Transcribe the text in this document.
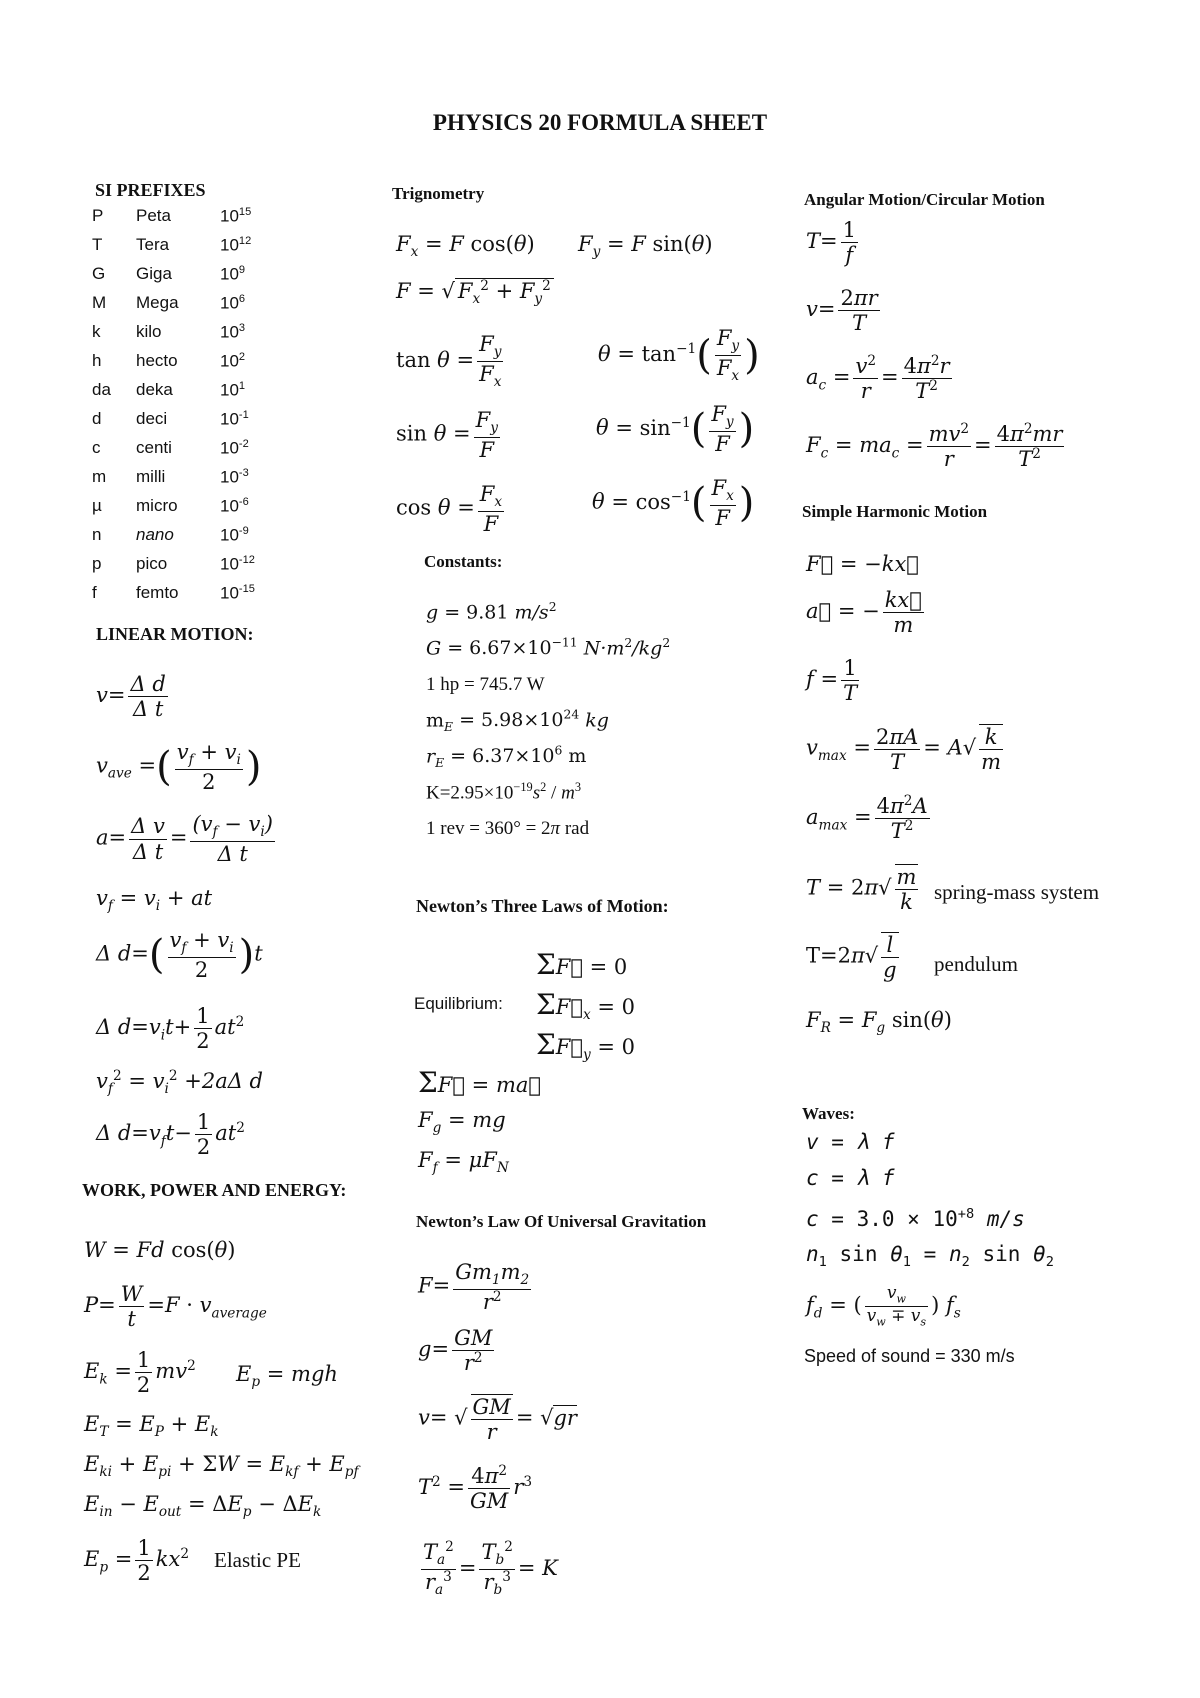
PHYSICS 20 FORMULA SHEET
SI PREFIXES
P Peta	$10^{15}$
T Tera	$10^{12}$
G Giga	$10^9$
M Mega $10^6$
k kilo	$10^3$
h hecto $10^2$
da deka	$10^1$
d deci	$10^{-1}$
c centi	$10^{-2}$
m milli	$10^{-3}$
µ micro $10^{-6}$
n nano	$10^{-9}$
p pico	$10^{-12}$
f femto $10^{-15}$
LINEAR MOTION:
$v= \frac{\text{Δ d}}{\text{Δ t}}$
$v_{ave}$ =( $\frac{v_f + v_i}{2}$ )
$a= \frac{\text{Δ v}}{\text{Δ t}} = \frac{(v_f - v_i)}{\text{Δ t}}$
$v_f = v_i$ + at
Δ $d=( \frac{v_f + v_i}{2} )t$
Δ $d=v_it+ \frac{1}{2} at^2$
$v_f^2 = v_i^2 +2a\Delta$ d
Δ $d=v_ft- \frac{1}{2} at^2$
WORK, POWER AND ENERGY:
W = Fd cos(θ)
$P= \frac{W}{t} =F \cdot v_{average}$
$E_k = \frac{1}{2} mv^2$ $E_p$ = mgh
$E_T = E_P + E_k$
$E_{ki} + E_{pi} + \Sigma W = E_{kf} + E_{pf}$
$E_{in} - E_{out} = \Delta E_p - \Delta E_k$
$E_p = \frac{1}{2} kx^2$ Elastic PE
Trignometry
$F_x = F$ cos(θ) $F_y = F$ sin(θ)
F = √ $F_x^2 + F_y^2$
$\tan \theta = \frac{F_y}{F_x}$	$\theta = \tan^{-1}( \frac{F_y}{F_x}$ )
$\sin \theta = \frac{F_y}{F}$	$\theta = \sin^{-1}( \frac{F_y}{F}$ )
$\cos \theta = \frac{F_x}{F}$	$\theta = \cos^{-1}( \frac{F_x}{F}$ )
Constants:
g = 9.81 $m/s^2$
$G = 6.67\times 10^{-11}$ $N\cdot m^2/kg^2$
1 hp = 745.7 W
$m_E = 5.98\times 10^{24}$ kg
$r_E = 6.37\times 10^6$ m
$K=2.95\times 10^{-19}s^2 / m^3$
1 rev = 360° = 2π rad
Newton’s Three Laws of Motion:
ΣF⃗ = 0
Equilibrium: $\Sigma F⃗_x = 0$
$\Sigma F⃗_y = 0$
ΣF⃗ = ma⃗
$F_g$ = mg
$F_f = \mu F_N$
Newton’s Law Of Universal Gravitation
$F= \frac{Gm_1m_2}{r^2}$
$g= \frac{GM}{r^2}$
v= √ $\frac{GM}{r} = √gr$
$T^2 = \frac{4\pi^2}{GM} r^3$
$\frac{T_a^2}{r_a^3} = \frac{T_b^2}{r_b^3} = K$
Angular Motion/Circular Motion
$T= \frac{1}{f}$
$v= \frac{2\pi r}{T}$
$a_c = \frac{v^2}{r} = \frac{4\pi^2r}{T^2}$
$F_c = ma_c = \frac{mv^2}{r} = \frac{4\pi^2mr}{T^2}$
Simple Harmonic Motion
F⃗ = −kx⃗
a⃗ = − $\frac{kx⃗}{m}$
$f = \frac{1}{T}$
$v_{max} = \frac{2\pi A}{T} = A√ \frac{k}{m}$
$a_{max} = \frac{4\pi^2A}{T^2}$
$T = 2\pi√ \frac{m}{k}$ spring-mass system
$T=2\pi√ \frac{l}{g}$ pendulum
$F_R = F_g$ sin(θ)
Waves:
v = λ f
c = λ f
$c = 3.0 \times 10^{+8}$ m/s
$n_1$ $\sin \theta_1 = n_2$ $\sin \theta_2$
$f_d$ = ( $\frac{v_w}{v_w \mp v_s}$ ) $f_s$
Speed of sound = 330 m/s
